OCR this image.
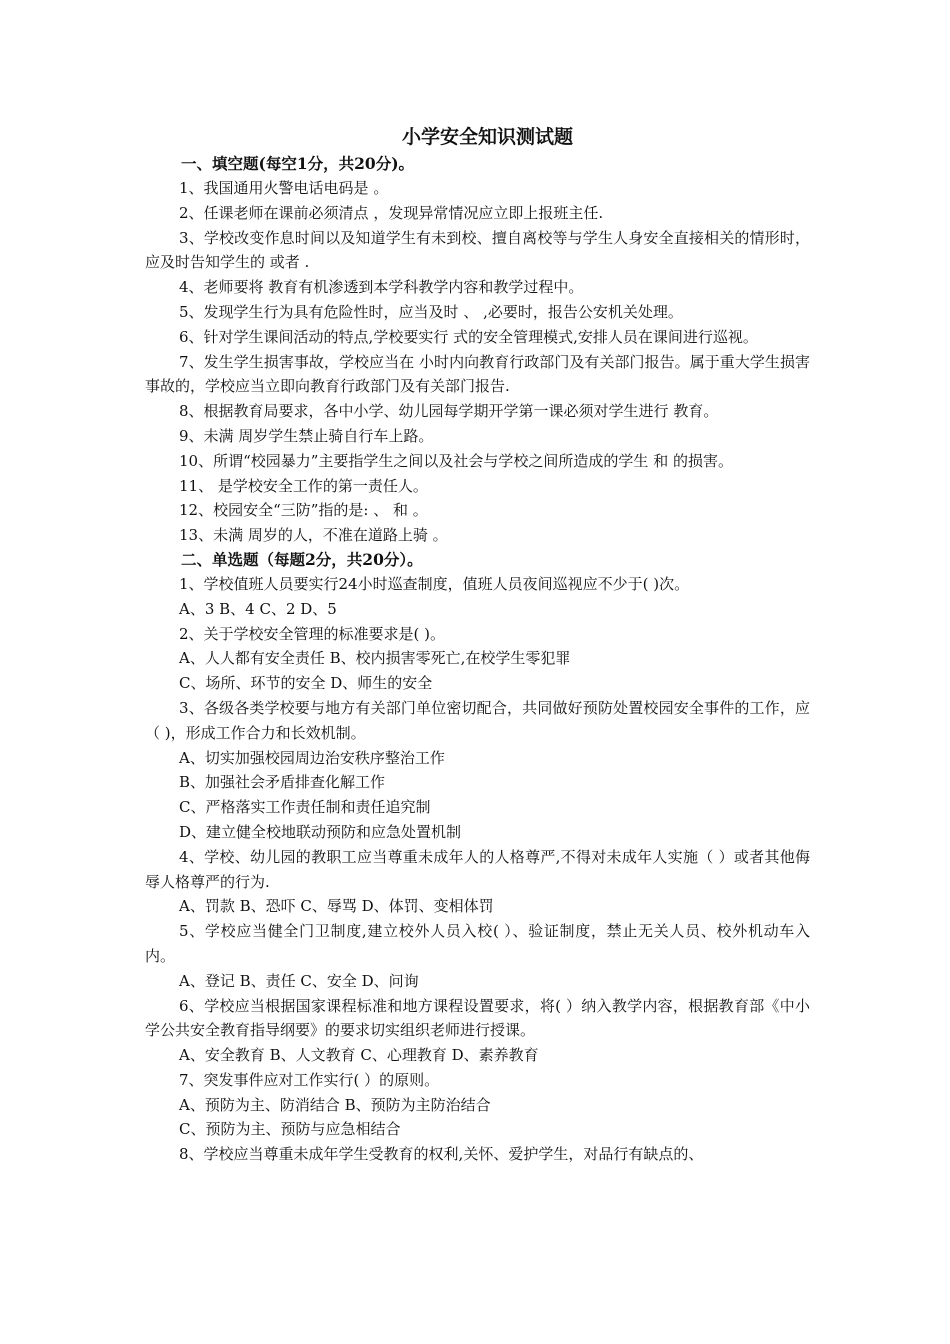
小学安全知识测试题
一、填空题(每空1分，共20分)。

1、我国通用火警电话电码是 。

2、任课老师在课前必须清点 ，发现异常情况应立即上报班主任.

3、学校改变作息时间以及知道学生有未到校、擅自离校等与学生人身安全直接相关的情形时，应及时告知学生的 或者 .

4、老师要将 教育有机渗透到本学科教学内容和教学过程中。

5、发现学生行为具有危险性时，应当及时 、 ,必要时，报告公安机关处理。

6、针对学生课间活动的特点,学校要实行 式的安全管理模式,安排人员在课间进行巡视。

7、发生学生损害事故，学校应当在 小时内向教育行政部门及有关部门报告。属于重大学生损害事故的，学校应当立即向教育行政部门及有关部门报告.

8、根据教育局要求，各中小学、幼儿园每学期开学第一课必须对学生进行 教育。

9、未满 周岁学生禁止骑自行车上路。

10、所谓“校园暴力”主要指学生之间以及社会与学校之间所造成的学生 和 的损害。

11、 是学校安全工作的第一责任人。

12、校园安全“三防”指的是: 、 和 。

13、未满 周岁的人，不准在道路上骑 。

二、单选题（每题2分，共20分）。

1、学校值班人员要实行24小时巡查制度，值班人员夜间巡视应不少于( )次。

A、3 B、4 C、2 D、5

2、关于学校安全管理的标准要求是( )。

A、人人都有安全责任 B、校内损害零死亡,在校学生零犯罪

C、场所、环节的安全 D、师生的安全

3、各级各类学校要与地方有关部门单位密切配合，共同做好预防处置校园安全事件的工作，应（ )，形成工作合力和长效机制。

A、切实加强校园周边治安秩序整治工作

B、加强社会矛盾排查化解工作

C、严格落实工作责任制和责任追究制

D、建立健全校地联动预防和应急处置机制

4、学校、幼儿园的教职工应当尊重未成年人的人格尊严,不得对未成年人实施（ ）或者其他侮辱人格尊严的行为.

A、罚款 B、恐吓 C、辱骂 D、体罚、变相体罚

5、学校应当健全门卫制度,建立校外人员入校( ）、验证制度，禁止无关人员、校外机动车入内。

A、登记 B、责任 C、安全 D、问询

6、学校应当根据国家课程标准和地方课程设置要求，将( ）纳入教学内容，根据教育部《中小学公共安全教育指导纲要》的要求切实组织老师进行授课。

A、安全教育 B、人文教育 C、心理教育 D、素养教育

7、突发事件应对工作实行( ）的原则。

A、预防为主、防消结合 B、预防为主防治结合

C、预防为主、预防与应急相结合

8、学校应当尊重未成年学生受教育的权利,关怀、爱护学生，对品行有缺点的、
